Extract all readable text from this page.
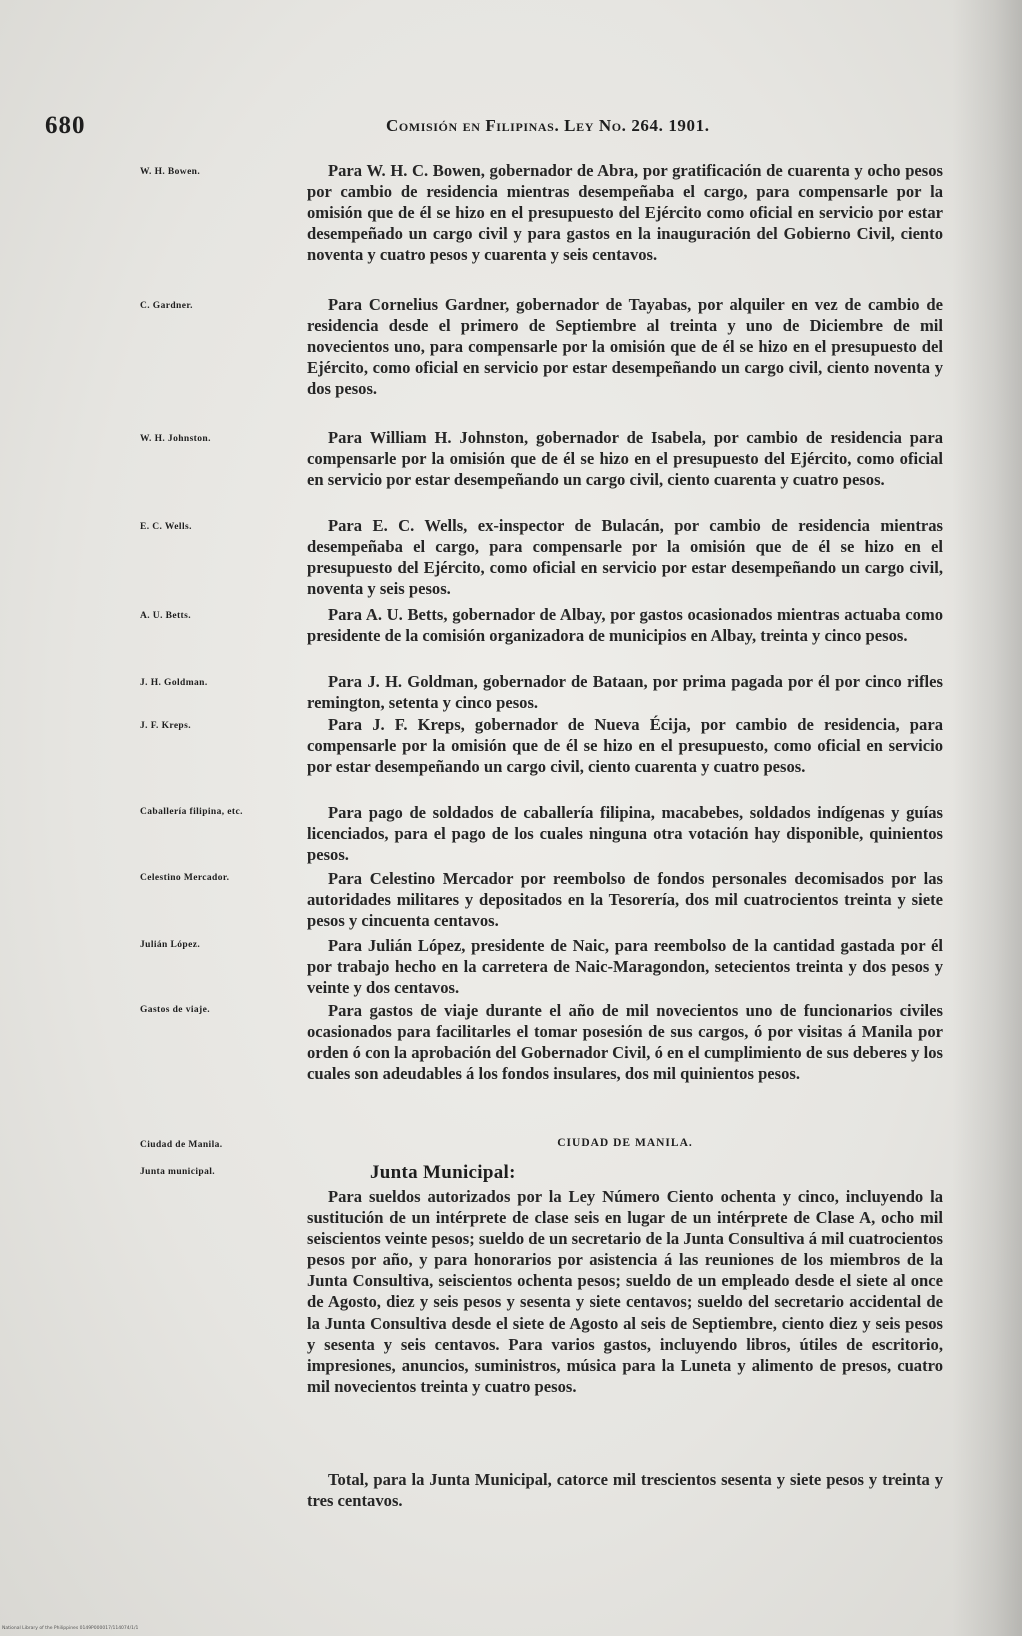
680	Comisión en Filipinas. Ley No. 264. 1901.
W. H. Bowen.	Para W. H. C. Bowen, gobernador de Abra, por gratificación de cuarenta y ocho pesos por cambio de residencia mientras desempeñaba el cargo, para compensarle por la omisión que de él se hizo en el presupuesto del Ejército como oficial en servicio por estar desempeñado un cargo civil y para gastos en la inauguración del Gobierno Civil, ciento noventa y cuatro pesos y cuarenta y seis centavos.
C. Gardner.	Para Cornelius Gardner, gobernador de Tayabas, por alquiler en vez de cambio de residencia desde el primero de Septiembre al treinta y uno de Diciembre de mil novecientos uno, para compensarle por la omisión que de él se hizo en el presupuesto del Ejército, como oficial en servicio por estar desempeñando un cargo civil, ciento noventa y dos pesos.
W. H. Johnston.	Para William H. Johnston, gobernador de Isabela, por cambio de residencia para compensarle por la omisión que de él se hizo en el presupuesto del Ejército, como oficial en servicio por estar desempeñando un cargo civil, ciento cuarenta y cuatro pesos.
E. C. Wells.	Para E. C. Wells, ex-inspector de Bulacán, por cambio de residencia mientras desempeñaba el cargo, para compensarle por la omisión que de él se hizo en el presupuesto del Ejército, como oficial en servicio por estar desempeñando un cargo civil, noventa y seis pesos.
A. U. Betts.	Para A. U. Betts, gobernador de Albay, por gastos ocasionados mientras actuaba como presidente de la comisión organizadora de municipios en Albay, treinta y cinco pesos.
J. H. Goldman.	Para J. H. Goldman, gobernador de Bataan, por prima pagada por él por cinco rifles remington, setenta y cinco pesos.
J. F. Kreps.	Para J. F. Kreps, gobernador de Nueva Écija, por cambio de residencia, para compensarle por la omisión que de él se hizo en el presupuesto, como oficial en servicio por estar desempeñando un cargo civil, ciento cuarenta y cuatro pesos.
Caballería filipina, etc.	Para pago de soldados de caballería filipina, macabebes, soldados indígenas y guías licenciados, para el pago de los cuales ninguna otra votación hay disponible, quinientos pesos.
Celestino Mercador.	Para Celestino Mercador por reembolso de fondos personales decomisados por las autoridades militares y depositados en la Tesorería, dos mil cuatrocientos treinta y siete pesos y cincuenta centavos.
Julián López.	Para Julián López, presidente de Naic, para reembolso de la cantidad gastada por él por trabajo hecho en la carretera de Naic-Maragondon, setecientos treinta y dos pesos y veinte y dos centavos.
Gastos de viaje.	Para gastos de viaje durante el año de mil novecientos uno de funcionarios civiles ocasionados para facilitarles el tomar posesión de sus cargos, ó por visitas á Manila por orden ó con la aprobación del Gobernador Civil, ó en el cumplimiento de sus deberes y los cuales son adeudables á los fondos insulares, dos mil quinientos pesos.
Ciudad de Manila.	CIUDAD DE MANILA.
Junta municipal.	Junta Municipal:
Para sueldos autorizados por la Ley Número Ciento ochenta y cinco, incluyendo la sustitución de un intérprete de clase seis en lugar de un intérprete de Clase A, ocho mil seiscientos veinte pesos; sueldo de un secretario de la Junta Consultiva á mil cuatrocientos pesos por año, y para honorarios por asistencia á las reuniones de los miembros de la Junta Consultiva, seiscientos ochenta pesos; sueldo de un empleado desde el siete al once de Agosto, diez y seis pesos y sesenta y siete centavos; sueldo del secretario accidental de la Junta Consultiva desde el siete de Agosto al seis de Septiembre, ciento diez y seis pesos y sesenta y seis centavos. Para varios gastos, incluyendo libros, útiles de escritorio, impresiones, anuncios, suministros, música para la Luneta y alimento de presos, cuatro mil novecientos treinta y cuatro pesos.
Total, para la Junta Municipal, catorce mil trescientos sesenta y siete pesos y treinta y tres centavos.
National Library of the Philippines 0149P000017/114074/1/1
